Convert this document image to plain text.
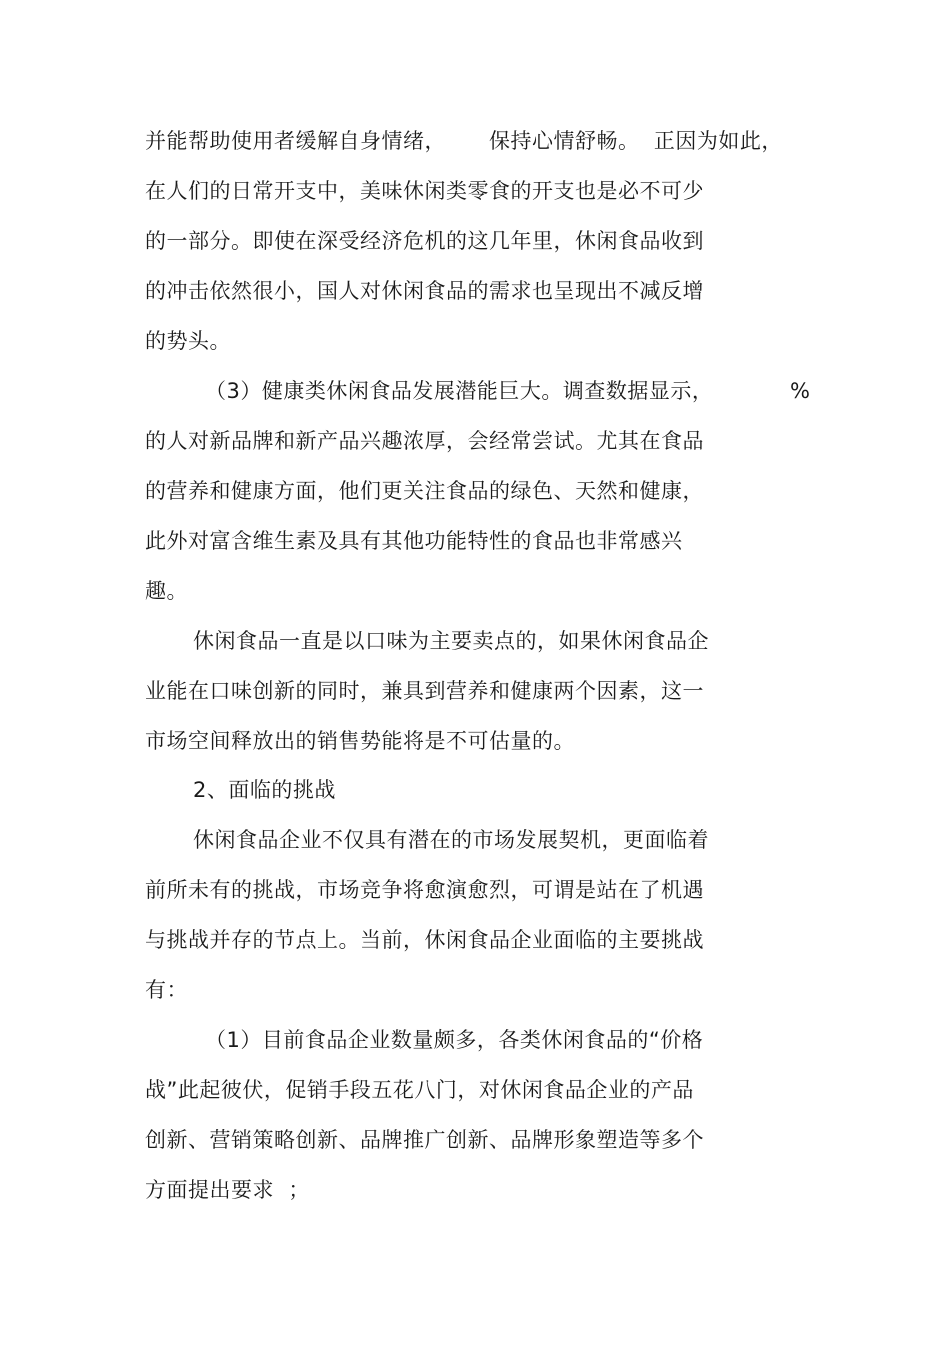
并能帮助使用者缓解自身情绪，      保持心情舒畅。  正因为如此，
在人们的日常开支中，美味休闲类零食的开支也是必不可少
的一部分。即使在深受经济危机的这几年里，休闲食品收到
的冲击依然很小，国人对休闲食品的需求也呈现出不减反增
的势头。
（3）健康类休闲食品发展潜能巨大。调查数据显示，	%
的人对新品牌和新产品兴趣浓厚，会经常尝试。尤其在食品
的营养和健康方面，他们更关注食品的绿色、天然和健康，
此外对富含维生素及具有其他功能特性的食品也非常感兴
趣。
休闲食品一直是以口味为主要卖点的，如果休闲食品企
业能在口味创新的同时，兼具到营养和健康两个因素，这一
市场空间释放出的销售势能将是不可估量的。
2、面临的挑战
休闲食品企业不仅具有潜在的市场发展契机，更面临着
前所未有的挑战，市场竞争将愈演愈烈，可谓是站在了机遇
与挑战并存的节点上。当前，休闲食品企业面临的主要挑战
有：
（1）目前食品企业数量颇多，各类休闲食品的“价格
战”此起彼伏，促销手段五花八门，对休闲食品企业的产品
创新、营销策略创新、品牌推广创新、品牌形象塑造等多个
方面提出要求  ；
